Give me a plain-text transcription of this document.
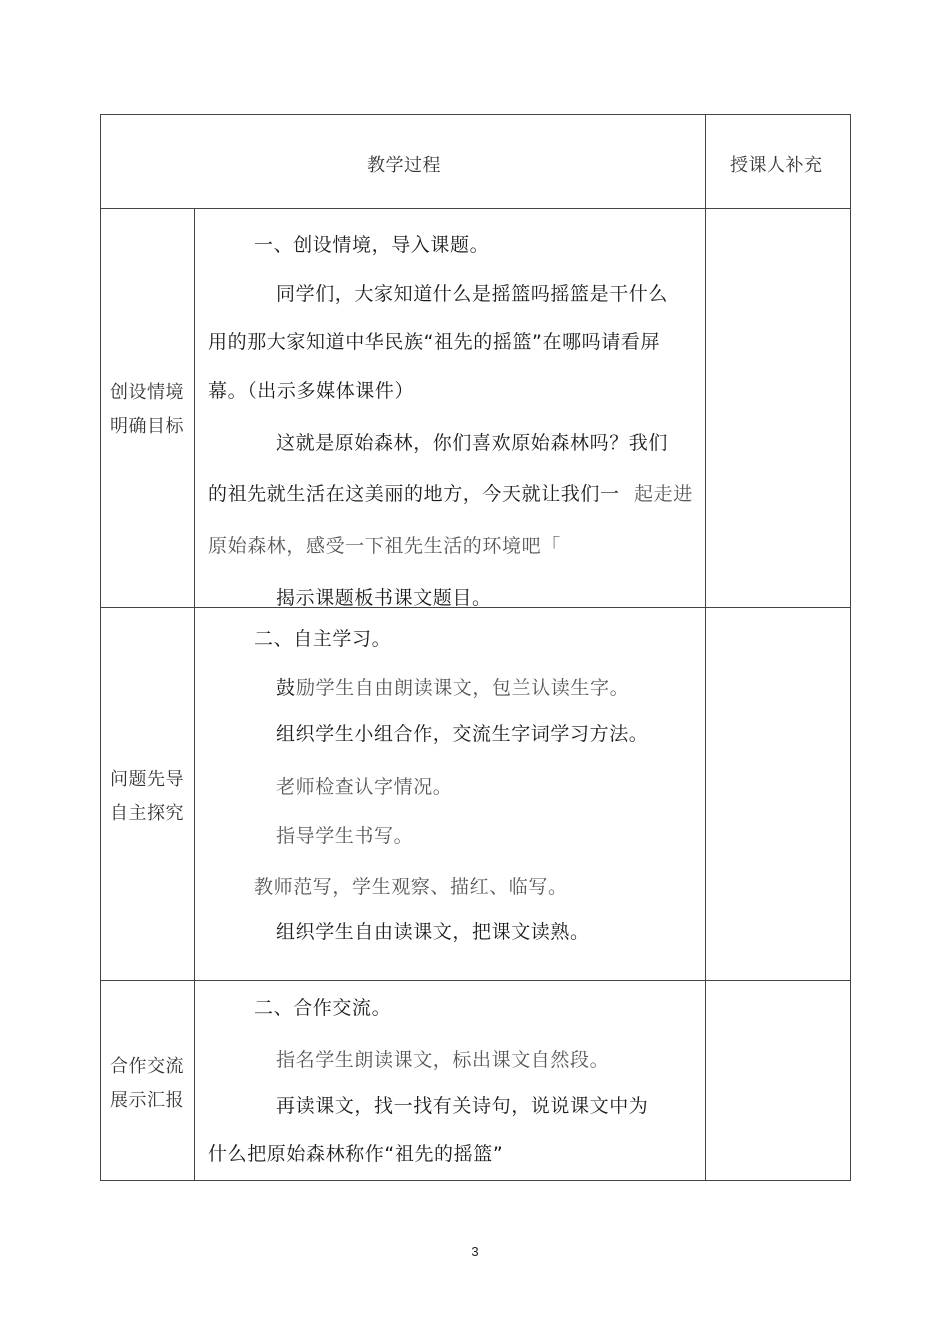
教学过程	授课人补充
创设情境
明确目标
一、创设情境，导入课题。
同学们，大家知道什么是摇篮吗摇篮是干什么
用的那大家知道中华民族“祖先的摇篮”在哪吗请看屏
幕。（出示多媒体课件）
这就是原始森林，你们喜欢原始森林吗？我们
的祖先就生活在这美丽的地方，今天就让我们一 起走进
原始森林，感受一下祖先生活的环境吧「
揭示课题板书课文题目。
问题先导
自主探究
二、自主学习。
鼓 励学生自由朗读课文，包兰认读生字。
组织学生小组合作，交流生字词学习方法。
老师检查认字情况。
指导学生书写。
教师范写，学生观察、描红、临写。
组织学生自由读课文，把课文读熟。
合作交流
展示汇报
二、合作交流。
指名学生朗读课文，标出课文自然段。
再读课文，找一找有关诗句，说说课文中为
什么把原始森林称作“祖先的摇篮”
3
